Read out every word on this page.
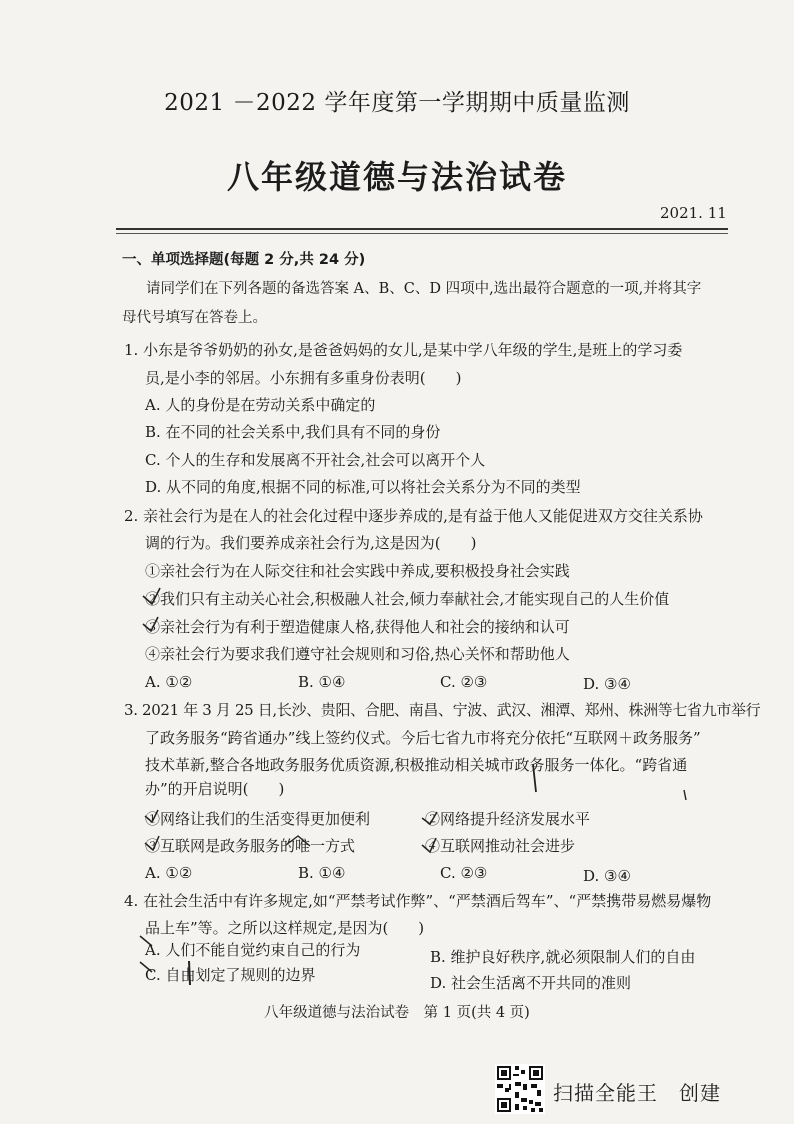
2021 －2022 学年度第一学期期中质量监测
八年级道德与法治试卷
2021. 11
一、单项选择题(每题 2 分,共 24 分)
请同学们在下列各题的备选答案 A、B、C、D 四项中,选出最符合题意的一项,并将其字
母代号填写在答卷上。
1. 小东是爷爷奶奶的孙女,是爸爸妈妈的女儿,是某中学八年级的学生,是班上的学习委
员,是小李的邻居。小东拥有多重身份表明(　　)
A. 人的身份是在劳动关系中确定的
B. 在不同的社会关系中,我们具有不同的身份
C. 个人的生存和发展离不开社会,社会可以离开个人
D. 从不同的角度,根据不同的标准,可以将社会关系分为不同的类型
2. 亲社会行为是在人的社会化过程中逐步养成的,是有益于他人又能促进双方交往关系协
调的行为。我们要养成亲社会行为,这是因为(　　)
①亲社会行为在人际交往和社会实践中养成,要积极投身社会实践
②我们只有主动关心社会,积极融人社会,倾力奉献社会,才能实现自己的人生价值
③亲社会行为有利于塑造健康人格,获得他人和社会的接纳和认可
④亲社会行为要求我们遵守社会规则和习俗,热心关怀和帮助他人
A. ①②	B. ①④	C. ②③	D. ③④
3. 2021 年 3 月 25 日,长沙、贵阳、合肥、南昌、宁波、武汉、湘潭、郑州、株洲等七省九市举行
了政务服务“跨省通办”线上签约仪式。今后七省九市将充分依托“互联网＋政务服务”
技术革新,整合各地政务服务优质资源,积极推动相关城市政务服务一体化。“跨省通
办”的开启说明(　　)
①网络让我们的生活变得更加便利	②网络提升经济发展水平
③互联网是政务服务的唯一方式	④互联网推动社会进步
A. ①②	B. ①④	C. ②③	D. ③④
4. 在社会生活中有许多规定,如“严禁考试作弊”、“严禁酒后驾车”、“严禁携带易燃易爆物
品上车”等。之所以这样规定,是因为(　　)
A. 人们不能自觉约束自己的行为	B. 维护良好秩序,就必须限制人们的自由
C. 自由划定了规则的边界	D. 社会生活离不开共同的准则
八年级道德与法治试卷　第 1 页(共 4 页)
扫描全能王　创建
